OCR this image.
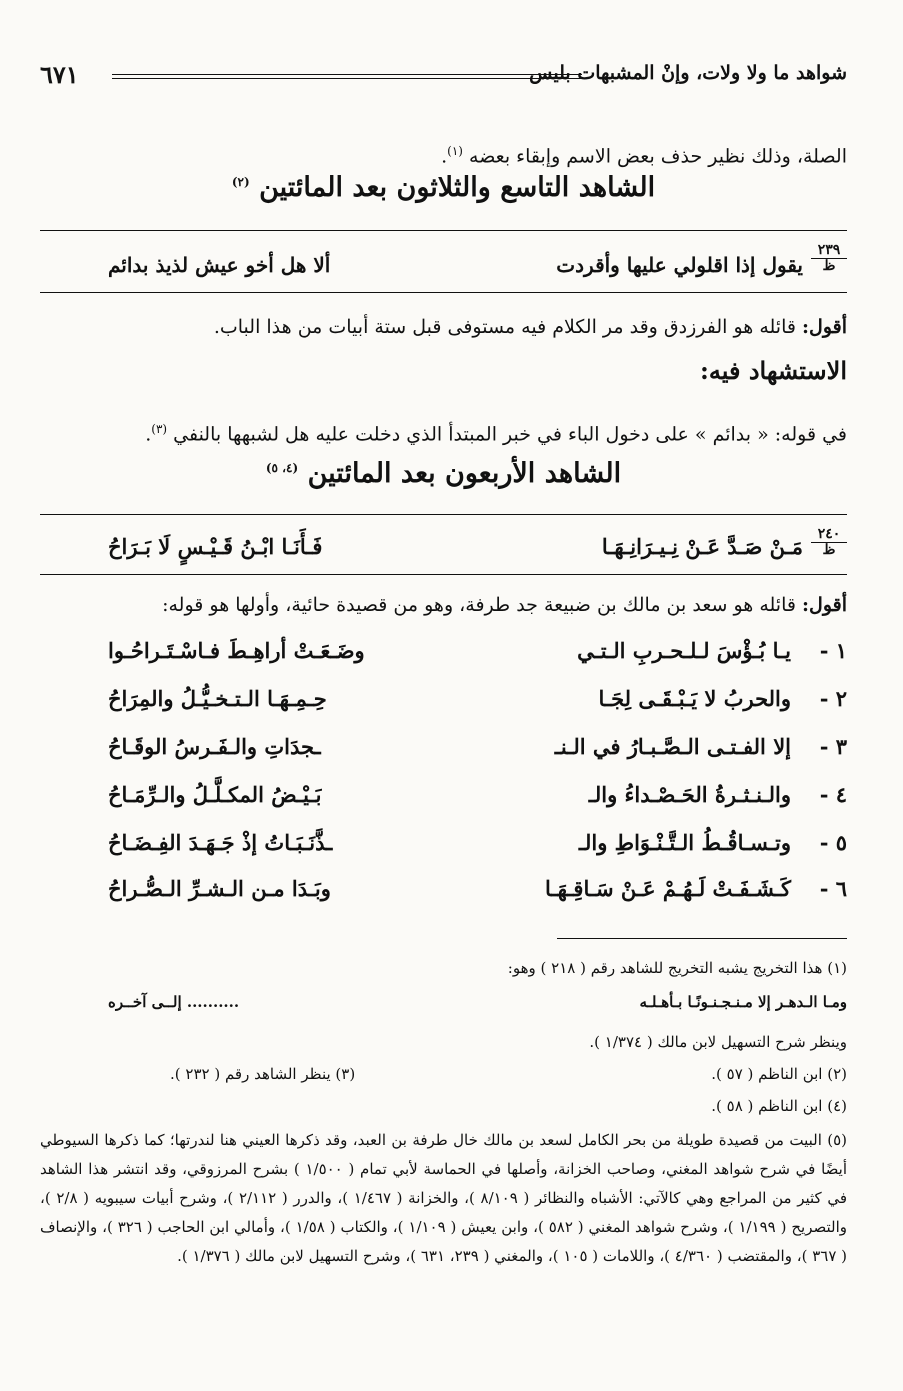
شواهد ما ولا ولات، وإنْ المشبهات بليس
٦٧١
الصلة، وذلك نظير حذف بعض الاسم وإبقاء بعضه $^{(١)}$.
الشاهد التاسع والثلاثون بعد المائتين $^{(٢)}$
٢٣٩
ظ
يقول إذا اقلولي عليها وأقردت
ألا هل أخو عيش لذيذ بدائم
أقول: قائله هو الفرزدق وقد مر الكلام فيه مستوفى قبل ستة أبيات من هذا الباب.
الاستشهاد فيه:
في قوله: « بدائم » على دخول الباء في خبر المبتدأ الذي دخلت عليه هل لشبهها بالنفي $^{(٣)}$.
الشاهد الأربعون بعد المائتين $^{(٤، ٥)}$
٢٤٠
ظ
مَـنْ صَـدَّ عَـنْ نِـيـرَانِـهَـا
فَـأَنَـا ابْـنُ قَـيْـسٍ لَا بَـرَاحُ
أقول: قائله هو سعد بن مالك بن ضبيعة جد طرفة، وهو من قصيدة حائية، وأولها هو قوله:
١ -
يـا بُـؤْسَ لـلـحـربِ الـتـي
وضَـعَـتْ أراهِـطَ فـاسْـتَـراحُـوا
٢ -
والحربُ لا يَـبْـقَـى لِجَـا
حِـمِـهَـا الـتـخـيُّـلُ والمِرَاحُ
٣ -
إلا الفـتـى الـصَّـبـارُ في الـنـ
ـجدَاتِ والـفَـرسُ الوقَـاحُ
٤ -
والـنـثـرةُ الحَـصْـداءُ والـ
بَـيْـضُ المكـلَّـلُ والـرِّمَـاحُ
٥ -
وتـسـاقُـطُ الـتَّـنْـوَاطِ والـ
ـذَّنَـبَـاتُ إذْ جَـهَـدَ الفِـضَـاحُ
٦ -
كَـشَـفَـتْ لَـهُـمْ عَـنْ سَـاقِـهَـا
وبَـدَا مـن الـشـرِّ الـصُّـراحُ
(١) هذا التخريج يشبه التخريج للشاهد رقم ( ٢١٨ ) وهو:
ومـا الـدهـر إلا مـنـجـنـونًـا بـأهـلـه
.......... إلــى آخــره
وينظر شرح التسهيل لابن مالك ( ١/٣٧٤ ).
(٢) ابن الناظم ( ٥٧ ).
(٣) ينظر الشاهد رقم ( ٢٣٢ ).
(٤) ابن الناظم ( ٥٨ ).
(٥) البيت من قصيدة طويلة من بحر الكامل لسعد بن مالك خال طرفة بن العبد، وقد ذكرها العيني هنا لندرتها؛ كما ذكرها السيوطي أيضًا في شرح شواهد المغني، وصاحب الخزانة، وأصلها في الحماسة لأبي تمام ( ١/٥٠٠ ) بشرح المرزوقي، وقد انتشر هذا الشاهد في كثير من المراجع وهي كالآتي: الأشباه والنظائر ( ٨/١٠٩ )، والخزانة ( ١/٤٦٧ )، والدرر ( ٢/١١٢ )، وشرح أبيات سيبويه ( ٢/٨ )، والتصريح ( ١/١٩٩ )، وشرح شواهد المغني ( ٥٨٢ )، وابن يعيش ( ١/١٠٩ )، والكتاب ( ١/٥٨ )، وأمالي ابن الحاجب ( ٣٢٦ )، والإنصاف ( ٣٦٧ )، والمقتضب ( ٤/٣٦٠ )، واللامات ( ١٠٥ )، والمغني ( ٢٣٩، ٦٣١ )، وشرح التسهيل لابن مالك ( ١/٣٧٦ ).
